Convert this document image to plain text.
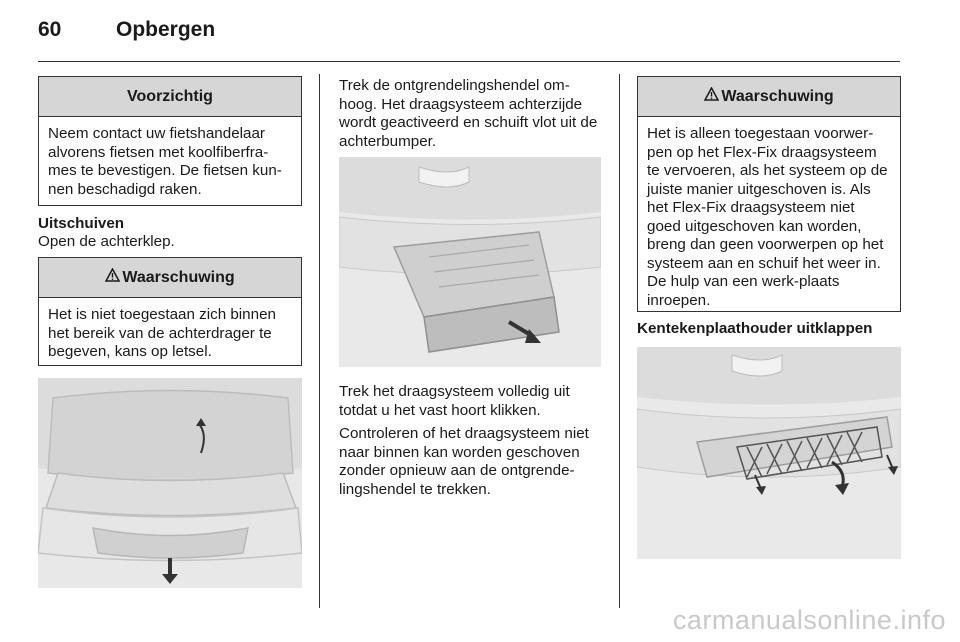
60	Opbergen
Voorzichtig
Neem contact uw fietshandelaar alvorens fietsen met koolfiberfra-mes te bevestigen. De fietsen kun-nen beschadigd raken.
Uitschuiven
Open de achterklep.
Waarschuwing
Het is niet toegestaan zich binnen het bereik van de achterdrager te begeven, kans op letsel.
Trek de ontgrendelingshendel om-hoog. Het draagsysteem achterzijde wordt geactiveerd en schuift vlot uit de achterbumper.
Trek het draagsysteem volledig uit totdat u het vast hoort klikken.
Controleren of het draagsysteem niet naar binnen kan worden geschoven zonder opnieuw aan de ontgrende-lingshendel te trekken.
Waarschuwing
Het is alleen toegestaan voorwer-pen op het Flex-Fix draagsysteem te vervoeren, als het systeem op de juiste manier uitgeschoven is. Als het Flex-Fix draagsysteem niet goed uitgeschoven kan worden, breng dan geen voorwerpen op het systeem aan en schuif het weer in. De hulp van een werk-plaats inroepen.
Kentekenplaathouder uitklappen
carmanualsonline.info
